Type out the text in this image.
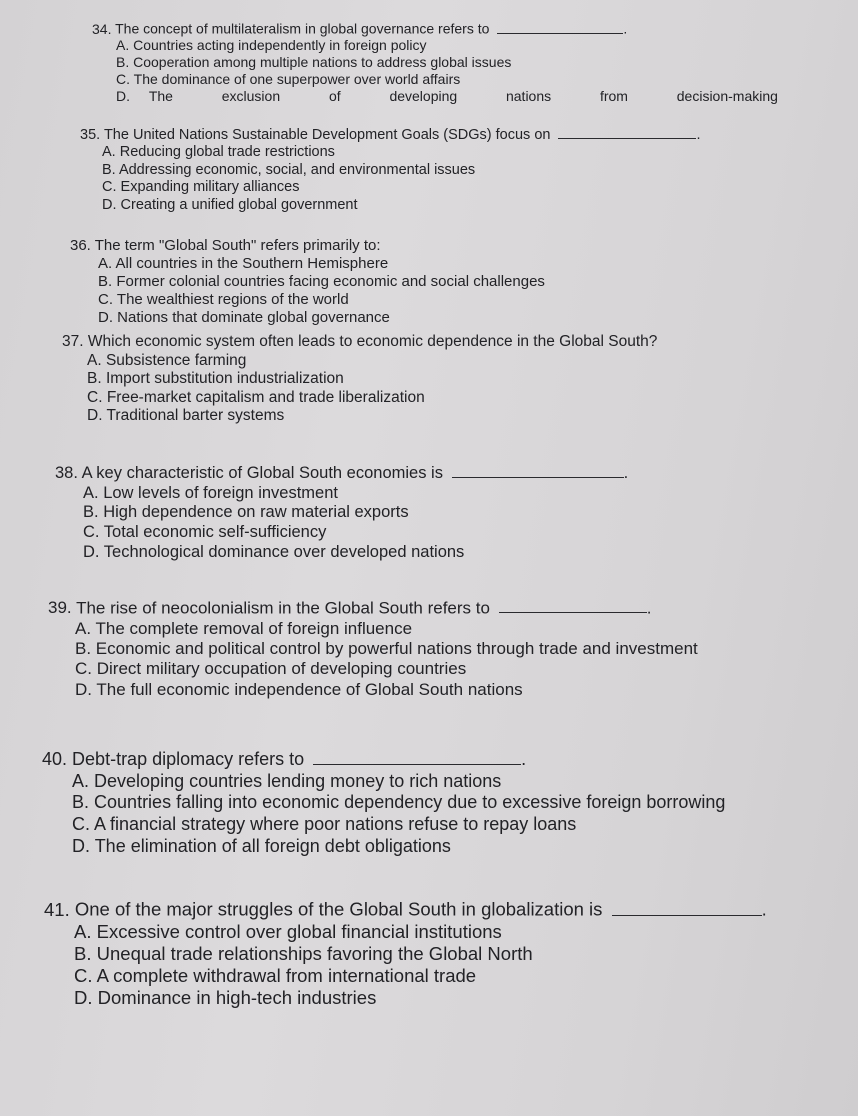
34. The concept of multilateralism in global governance refers to	.
A. Countries acting independently in foreign policy
B. Cooperation among multiple nations to address global issues
C. The dominance of one superpower over world affairs
D. The	exclusion	of	developing	nations	from	decision-making
35. The United Nations Sustainable Development Goals (SDGs) focus on	.
A. Reducing global trade restrictions
B. Addressing economic, social, and environmental issues
C. Expanding military alliances
D. Creating a unified global government
36. The term "Global South" refers primarily to:
A. All countries in the Southern Hemisphere
B. Former colonial countries facing economic and social challenges
C. The wealthiest regions of the world
D. Nations that dominate global governance
37. Which economic system often leads to economic dependence in the Global South?
A. Subsistence farming
B. Import substitution industrialization
C. Free-market capitalism and trade liberalization
D. Traditional barter systems
38. A key characteristic of Global South economies is	.
A. Low levels of foreign investment
B. High dependence on raw material exports
C. Total economic self-sufficiency
D. Technological dominance over developed nations
39. The rise of neocolonialism in the Global South refers to	.
A. The complete removal of foreign influence
B. Economic and political control by powerful nations through trade and investment
C. Direct military occupation of developing countries
D. The full economic independence of Global South nations
40. Debt-trap diplomacy refers to	.
A. Developing countries lending money to rich nations
B. Countries falling into economic dependency due to excessive foreign borrowing
C. A financial strategy where poor nations refuse to repay loans
D. The elimination of all foreign debt obligations
41. One of the major struggles of the Global South in globalization is	.
A. Excessive control over global financial institutions
B. Unequal trade relationships favoring the Global North
C. A complete withdrawal from international trade
D. Dominance in high-tech industries
